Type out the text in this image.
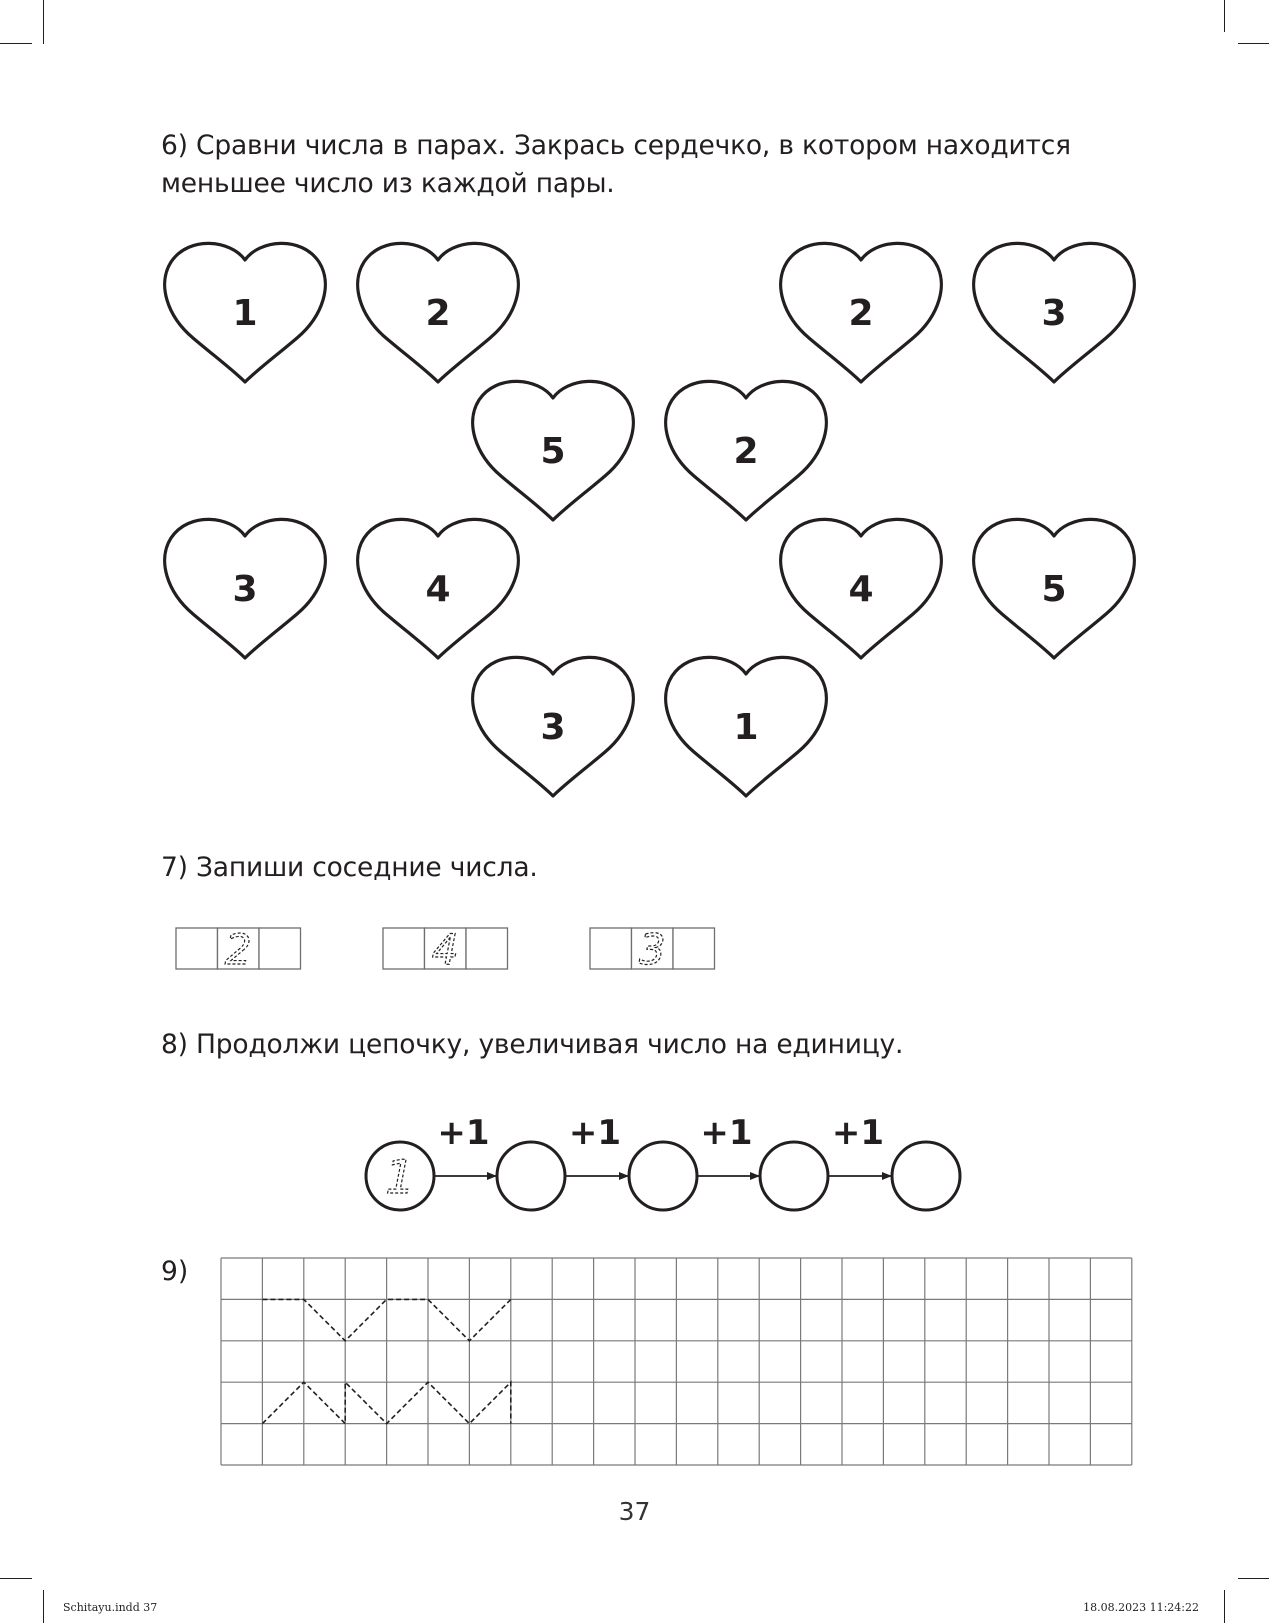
6) Сравни числа в парах. Закрась сердечко, в котором находится меньшее число из каждой пары.
1	2	2	3
5	2
3	4	4	5
3	1
7) Запиши соседние числа.
2	4	3
8) Продолжи цепочку, увеличивая число на единицу.
+1 +1 +1 +1
1
9)
37
Schitayu.indd 37	18.08.2023 11:24:22
